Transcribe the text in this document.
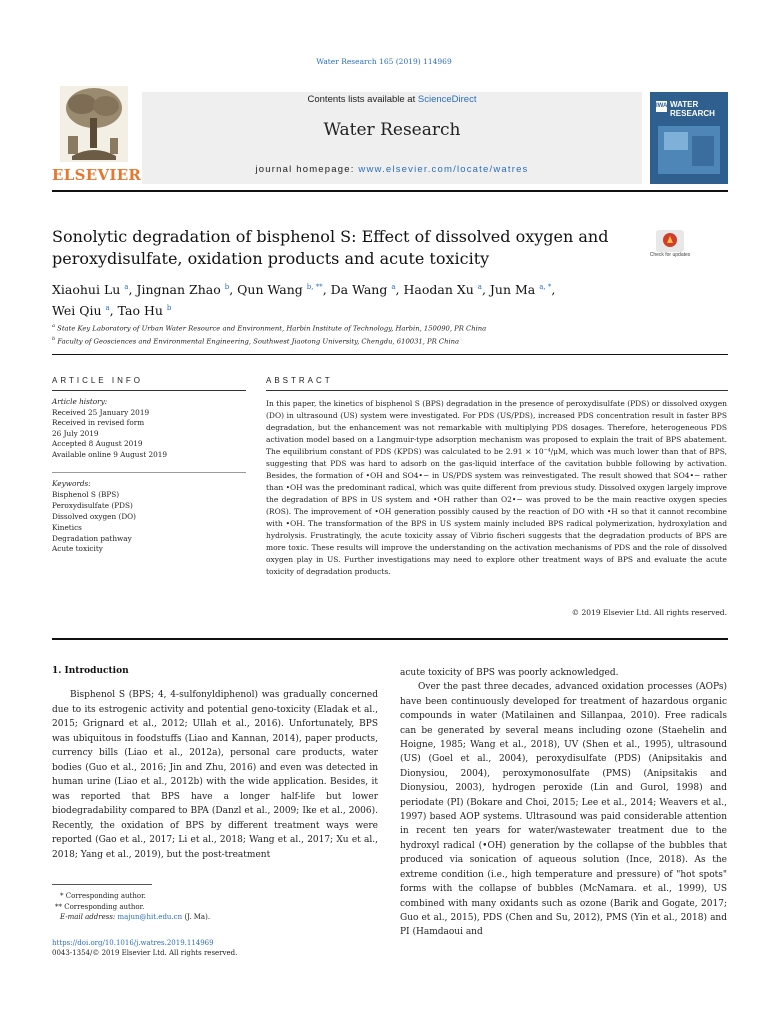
Water Research 165 (2019) 114969
ELSEVIER
Contents lists available at ScienceDirect
Water Research
journal homepage: www.elsevier.com/locate/watres
IWA WATER
RESEARCH
Sonolytic degradation of bisphenol S: Effect of dissolved oxygen and peroxydisulfate, oxidation products and acute toxicity	Check for updates
Xiaohui Lu $^a$, Jingnan Zhao $^b$, Qun Wang $^{b, **}$, Da Wang $^a$, Haodan Xu $^a$, Jun Ma $^{a, *}$,
Wei Qiu $^a$, Tao Hu $^b$
$^a$ State Key Laboratory of Urban Water Resource and Environment, Harbin Institute of Technology, Harbin, 150090, PR China
$^b$ Faculty of Geosciences and Environmental Engineering, Southwest Jiaotong University, Chengdu, 610031, PR China
ARTICLE INFO	ABSTRACT
Article history:
Received 25 January 2019
Received in revised form
26 July 2019
Accepted 8 August 2019
Available online 9 August 2019
Keywords:
Bisphenol S (BPS)
Peroxydisulfate (PDS)
Dissolved oxygen (DO)
Kinetics
Degradation pathway
Acute toxicity
In this paper, the kinetics of bisphenol S (BPS) degradation in the presence of peroxydisulfate (PDS) or dissolved oxygen (DO) in ultrasound (US) system were investigated. For PDS (US/PDS), increased PDS concentration result in faster BPS degradation, but the enhancement was not remarkable with multiplying PDS dosages. Therefore, heterogeneous PDS activation model based on a Langmuir-type adsorption mechanism was proposed to explain the trait of BPS abatement. The equilibrium constant of PDS (KPDS) was calculated to be 2.91 × 10⁻⁴/μM, which was much lower than that of BPS, suggesting that PDS was hard to adsorb on the gas-liquid interface of the cavitation bubble following by activation. Besides, the formation of •OH and SO4•− in US/PDS system was reinvestigated. The result showed that SO4•− rather than •OH was the predominant radical, which was quite different from previous study. Dissolved oxygen largely improve the degradation of BPS in US system and •OH rather than O2•− was proved to be the main reactive oxygen species (ROS). The improvement of •OH generation possibly caused by the reaction of DO with •H so that it cannot recombine with •OH. The transformation of the BPS in US system mainly included BPS radical polymerization, hydroxylation and hydrolysis. Frustratingly, the acute toxicity assay of Vibrio fischeri suggests that the degradation products of BPS are more toxic. These results will improve the understanding on the activation mechanisms of PDS and the role of dissolved oxygen play in US. Further investigations may need to explore other treatment ways of BPS and evaluate the acute toxicity of degradation products.
© 2019 Elsevier Ltd. All rights reserved.
1. Introduction

Bisphenol S (BPS; 4, 4-sulfonyldiphenol) was gradually concerned due to its estrogenic activity and potential geno-toxicity (Eladak et al., 2015; Grignard et al., 2012; Ullah et al., 2016). Unfortunately, BPS was ubiquitous in foodstuffs (Liao and Kannan, 2014), paper products, currency bills (Liao et al., 2012a), personal care products, water bodies (Guo et al., 2016; Jin and Zhu, 2016) and even was detected in human urine (Liao et al., 2012b) with the wide application. Besides, it was reported that BPS have a longer half-life but lower biodegradability compared to BPA (Danzl et al., 2009; Ike et al., 2006). Recently, the oxidation of BPS by different treatment ways were reported (Gao et al., 2017; Li et al., 2018; Wang et al., 2017; Xu et al., 2018; Yang et al., 2019), but the post-treatment

acute toxicity of BPS was poorly acknowledged.

Over the past three decades, advanced oxidation processes (AOPs) have been continuously developed for treatment of hazardous organic compounds in water (Matilainen and Sillanpaa, 2010). Free radicals can be generated by several means including ozone (Staehelin and Hoigne, 1985; Wang et al., 2018), UV (Shen et al., 1995), ultrasound (US) (Goel et al., 2004), peroxydisulfate (PDS) (Anipsitakis and Dionysiou, 2004), peroxymonosulfate (PMS) (Anipsitakis and Dionysiou, 2003), hydrogen peroxide (Lin and Gurol, 1998) and periodate (PI) (Bokare and Choi, 2015; Lee et al., 2014; Weavers et al., 1997) based AOP systems. Ultrasound was paid considerable attention in recent ten years for water/wastewater treatment due to the hydroxyl radical (•OH) generation by the collapse of the bubbles that produced via sonication of aqueous solution (Ince, 2018). As the extreme condition (i.e., high temperature and pressure) of "hot spots" forms with the collapse of bubbles (McNamara. et al., 1999), US combined with many oxidants such as ozone (Barik and Gogate, 2017; Guo et al., 2015), PDS (Chen and Su, 2012), PMS (Yin et al., 2018) and PI (Hamdaoui and

* Corresponding author.
** Corresponding author.
E-mail address: majun@hit.edu.cn (J. Ma).
https://doi.org/10.1016/j.watres.2019.114969
0043-1354/© 2019 Elsevier Ltd. All rights reserved.
